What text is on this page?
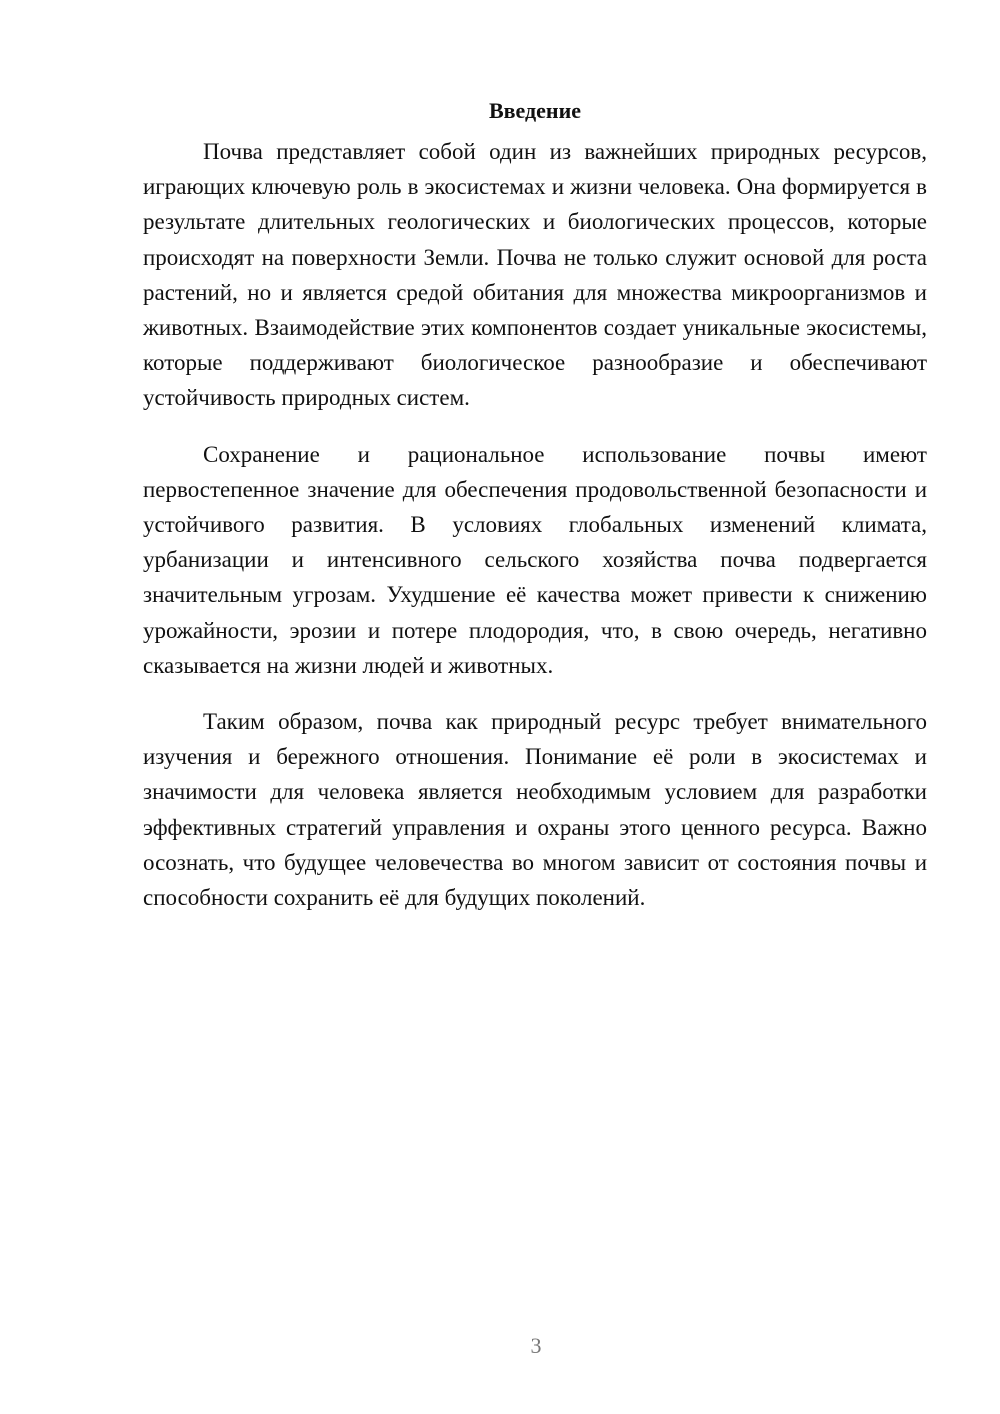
Введение

Почва представляет собой один из важнейших природных ресурсов, играющих ключевую роль в экосистемах и жизни человека. Она формируется в результате длительных геологических и биологических процессов, которые происходят на поверхности Земли. Почва не только служит основой для роста растений, но и является средой обитания для множества микроорганизмов и животных. Взаимодействие этих компонентов создает уникальные экосистемы, которые поддерживают биологическое разнообразие и обеспечивают устойчивость природных систем.

Сохранение и рациональное использование почвы имеют первостепенное значение для обеспечения продовольственной безопасности и устойчивого развития. В условиях глобальных изменений климата, урбанизации и интенсивного сельского хозяйства почва подвергается значительным угрозам. Ухудшение её качества может привести к снижению урожайности, эрозии и потере плодородия, что, в свою очередь, негативно сказывается на жизни людей и животных.

Таким образом, почва как природный ресурс требует внимательного изучения и бережного отношения. Понимание её роли в экосистемах и значимости для человека является необходимым условием для разработки эффективных стратегий управления и охраны этого ценного ресурса. Важно осознать, что будущее человечества во многом зависит от состояния почвы и способности сохранить её для будущих поколений.

3
